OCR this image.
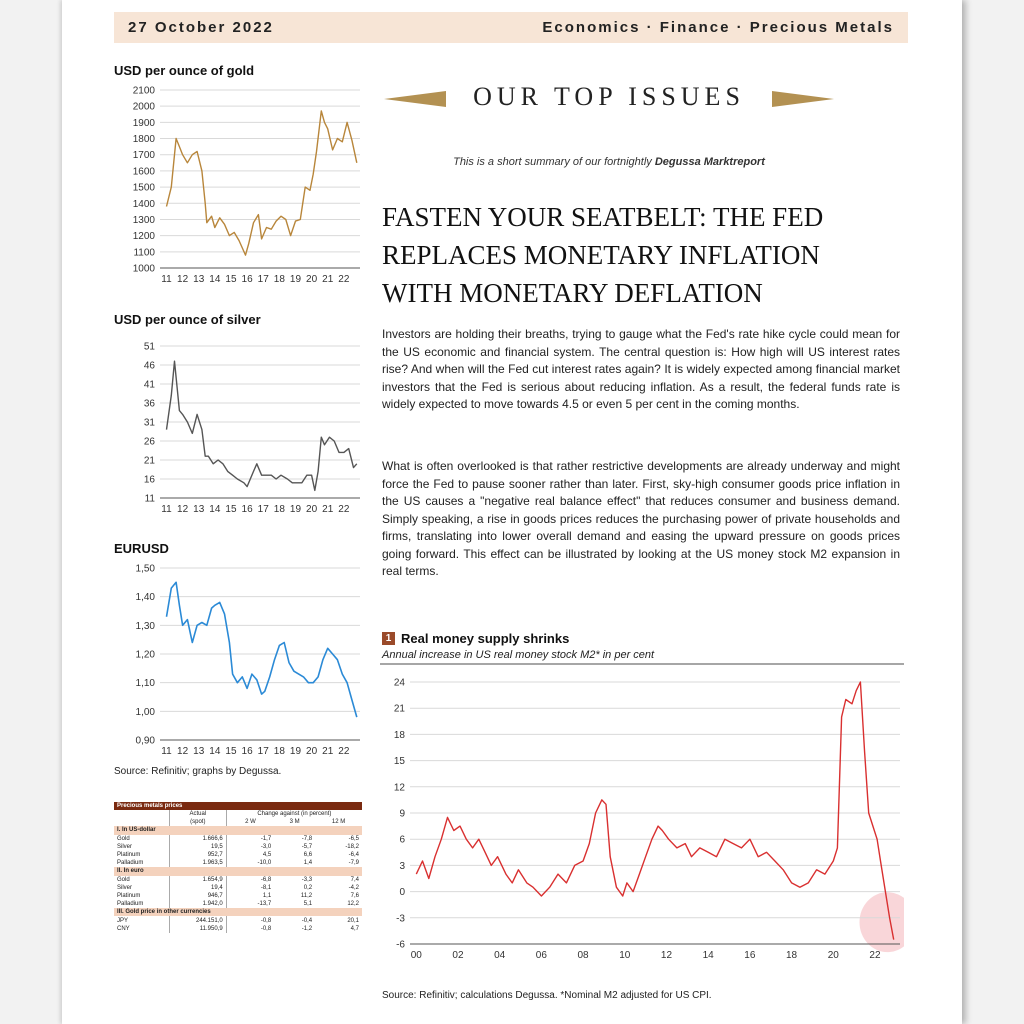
27 October 2022	Economics · Finance · Precious Metals
USD per ounce of gold
2100
2000
1900
1800
1700
1600
1500
1400
1300
1200
1100
1000
11 12 13 14 15 16 17 18 19 20 21 22
USD per ounce of silver
51
46
41
36
31
26
21
16
11
11 12 13 14 15 16 17 18 19 20 21 22
EURUSD
1,50
1,40
1,30
1,20
1,10
1,00
0,90
11 12 13 14 15 16 17 18 19 20 21 22
Source: Refinitiv; graphs by Degussa.
Precious metals prices
	Actual	Change against (in percent)		
	(spot)	2 W	3 M	12 M
I. In US-dollar				
Gold	1.666,6	-1,7	-7,8	-6,5
Silver	19,5	-3,0	-5,7	-18,2
Platinum	952,7	4,5	6,6	-6,4
Palladium	1.963,5	-10,0	1,4	-7,9
II. In euro				
Gold	1.654,9	-6,8	-3,3	7,4
Silver	19,4	-8,1	0,2	-4,2
Platinum	946,7	1,1	11,2	7,6
Palladium	1.942,0	-13,7	5,1	12,2
III. Gold price in other currencies				
JPY	244.151,0	-0,8	-0,4	20,1
CNY	11.950,9	-0,8	-1,2	4,7
OUR TOP ISSUES
This is a short summary of our fortnightly Degussa Marktreport
FASTEN YOUR SEATBELT: THE FED REPLACES MONETARY INFLATION WITH MONETARY DEFLATION

Investors are holding their breaths, trying to gauge what the Fed's rate hike cycle could mean for the US economic and financial system. The central question is: How high will US interest rates rise? And when will the Fed cut interest rates again? It is widely expected among financial market investors that the Fed is serious about reducing inflation. As a result, the federal funds rate is widely expected to move towards 4.5 or even 5 per cent in the coming months.

What is often overlooked is that rather restrictive developments are already underway and might force the Fed to pause sooner rather than later. First, sky-high consumer goods price inflation in the US causes a "negative real balance effect" that reduces consumer and business demand. Simply speaking, a rise in goods prices reduces the purchasing power of private households and firms, translating into lower overall demand and easing the upward pressure on goods prices going forward. This effect can be illustrated by looking at the US money stock M2 expansion in real terms.

1 Real money supply shrinks
Annual increase in US real money stock M2* in per cent
24
21
18
15
12
9
6
3
0
-3
-6
00	02	04	06	08	10	12	14	16	18	20	22
Source: Refinitiv; calculations Degussa. *Nominal M2 adjusted for US CPI.
